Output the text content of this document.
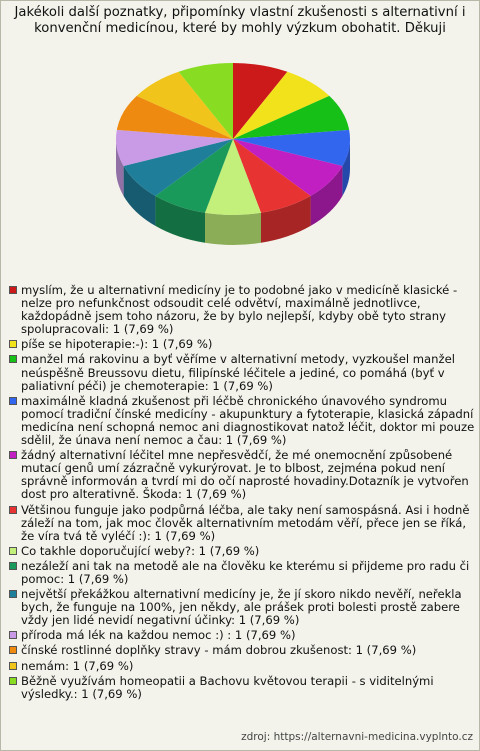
Jakékoli další poznatky, připomínky vlastní zkušenosti s alternativní i konvenční medicínou, které by mohly výzkum obohatit. Děkuji
myslím, že u alternativní medicíny je to podobné jako v medicíně klasické - nelze pro nefunkčnost odsoudit celé odvětví, maximálně jednotlivce, každopádně jsem toho názoru, že by bylo nejlepší, kdyby obě tyto strany spolupracovali: 1 (7,69 %)
píše se hipoterapie:-): 1 (7,69 %)
manžel má rakovinu a byť věříme v alternativní metody, vyzkoušel manžel neúspěšně Breussovu dietu, filipínské léčitele a jediné, co pomáhá (byť v paliativní péči) je chemoterapie: 1 (7,69 %)
maximálně kladná zkušenost při léčbě chronického únavového syndromu pomocí tradiční čínské medicíny - akupunktury a fytoterapie, klasická západní medicína není schopná nemoc ani diagnostikovat natož léčit, doktor mi pouze sdělil, že únava není nemoc a čau: 1 (7,69 %)
žádný alternativní léčitel mne nepřesvědčí, že mé onemocnění způsobené mutací genů umí zázračně vykurýrovat. Je to blbost, zejména pokud není správně informován a tvrdí mi do očí naprosté hovadiny.Dotazník je vytvořen dost pro alterativně. Škoda: 1 (7,69 %)
Většinou funguje jako podpůrná léčba, ale taky není samospásná. Asi i hodně záleží na tom, jak moc člověk alternativním metodám věří, přece jen se říká, že víra tvá tě vyléčí :): 1 (7,69 %)
Co takhle doporučující weby?: 1 (7,69 %)
nezáleží ani tak na metodě ale na člověku ke kterému si přijdeme pro radu či pomoc: 1 (7,69 %)
největší překážkou alternativní medicíny je, že jí skoro nikdo nevěří, neřekla bych, že funguje na 100%, jen někdy, ale prášek proti bolesti prostě zabere vždy jen lidé nevidí negativní účinky: 1 (7,69 %)
příroda má lék na každou nemoc :) : 1 (7,69 %)
čínské rostlinné doplňky stravy - mám dobrou zkušenost: 1 (7,69 %)
nemám: 1 (7,69 %)
Běžně využívám homeopatii a Bachovu květovou terapii - s viditelnými výsledky.: 1 (7,69 %)
zdroj: https://alternavni-medicina.vyplnto.cz
